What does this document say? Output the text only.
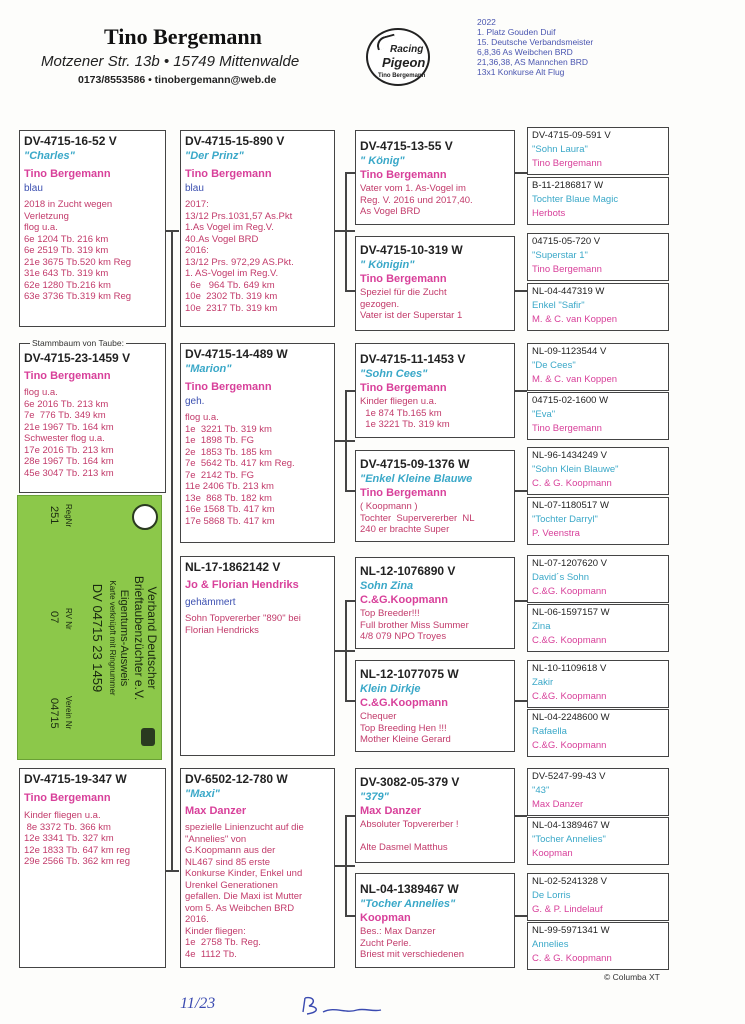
Tino Bergemann
Motzener Str. 13b • 15749 Mittenwalde
0173/8553586 • tinobergemann@web.de
Racing
Pigeon
Tino Bergemann
2022
1. Platz Gouden Duif
15. Deutsche Verbandsmeister
6,8,36 As Weibchen BRD
21,36,38, AS Mannchen BRD
13x1 Konkurse Alt Flug
DV-4715-16-52 V
"Charles"
Tino Bergemann
blau
2018 in Zucht wegen
Verletzung
flog u.a.
6e 1204 Tb. 216 km
6e 2519 Tb. 319 km
21e 3675 Tb.520 km Reg
31e 643 Tb. 319 km
62e 1280 Tb.216 km
63e 3736 Tb.319 km Reg
Stammbaum von Taube:
DV-4715-23-1459 V
Tino Bergemann
flog u.a.
6e 2016 Tb. 213 km
7e  776 Tb. 349 km
21e 1967 Tb. 164 km
Schwester flog u.a.
17e 2016 Tb. 213 km
28e 1967 Tb. 164 km
45e 3047 Tb. 213 km
Verband Deutscher
Brieftaubenzüchter e.V.
Eigentums-Ausweis
Karte verknüpft mit Ringnummer
DV 04715 23 1459
RegNr
251
RV Nr
07
Verein Nr
04715
DV-4715-19-347 W
Tino Bergemann
Kinder fliegen u.a.
8e 3372 Tb. 366 km
12e 3341 Tb. 327 km
12e 1833 Tb. 647 km reg
29e 2566 Tb. 362 km reg
DV-4715-15-890 V
"Der Prinz"
Tino Bergemann
blau
2017:
13/12 Prs.1031,57 As.Pkt
1.As Vogel im Reg.V.
40.As Vogel BRD
2016:
13/12 Prs. 972,29 AS.Pkt.
1. AS-Vogel im Reg.V.
6e   964 Tb. 649 km
10e  2302 Tb. 319 km
10e  2317 Tb. 319 km
DV-4715-14-489 W
"Marion"
Tino Bergemann
geh.
flog u.a.
1e  3221 Tb. 319 km
1e  1898 Tb. FG
2e  1853 Tb. 185 km
7e  5642 Tb. 417 km Reg.
7e  2142 Tb. FG
11e 2406 Tb. 213 km
13e  868 Tb. 182 km
16e 1568 Tb. 417 km
17e 5868 Tb. 417 km
NL-17-1862142 V
Jo & Florian Hendriks
gehämmert
Sohn Topvererber "890" bei
Florian Hendricks
DV-6502-12-780 W
"Maxi"
Max Danzer
spezielle Linienzucht auf die
"Annelies" von
G.Koopmann aus der
NL467 sind 85 erste
Konkurse Kinder, Enkel und
Urenkel Generationen
gefallen. Die Maxi ist Mutter
vom 5. As Weibchen BRD
2016.
Kinder fliegen:
1e  2758 Tb. Reg.
4e  1112 Tb.
DV-4715-13-55 V
" König"
Tino Bergemann
Vater vom 1. As-Vogel im
Reg. V. 2016 und 2017,40.
As Vogel BRD
DV-4715-10-319 W
" Königin"
Tino Bergemann
Speziel für die Zucht
gezogen.
Vater ist der Superstar 1
DV-4715-11-1453 V
"Sohn Cees"
Tino Bergemann
Kinder fliegen u.a.
1e 874 Tb.165 km
1e 3221 Tb. 319 km
DV-4715-09-1376 W
"Enkel Kleine Blauwe
Tino Bergemann
( Koopmann )
Tochter  Supervererber  NL
240 er brachte Super
NL-12-1076890 V
Sohn Zina
C.&G.Koopmann
Top Breeder!!!
Full brother Miss Summer
4/8 079 NPO Troyes
NL-12-1077075 W
Klein Dirkje
C.&G.Koopmann
Chequer
Top Breeding Hen !!!
Mother Kleine Gerard
DV-3082-05-379 V
"379"
Max Danzer
Absoluter Topvererber !

Alte Dasmel Matthus
NL-04-1389467 W
"Tocher Annelies"
Koopman
Bes.: Max Danzer
Zucht Perle.
Briest mit verschiedenen
DV-4715-09-591 V
"Sohn Laura"
Tino Bergemann
B-11-2186817 W
Tochter Blaue Magic
Herbots
04715-05-720 V
"Superstar 1"
Tino Bergemann
NL-04-447319 W
Enkel "Safir"
M. & C. van Koppen
NL-09-1123544 V
"De Cees"
M. & C. van Koppen
04715-02-1600 W
"Eva"
Tino Bergemann
NL-96-1434249 V
"Sohn Klein Blauwe"
C. & G. Koopmann
NL-07-1180517 W
"Tochter Darryl"
P. Veenstra
NL-07-1207620 V
David´s Sohn
C.&G. Koopmann
NL-06-1597157 W
Zina
C.&G. Koopmann
NL-10-1109618 V
Zakir
C.&G. Koopmann
NL-04-2248600 W
Rafaella
C.&G. Koopmann
DV-5247-99-43 V
"43"
Max Danzer
NL-04-1389467 W
"Tocher Annelies"
Koopman
NL-02-5241328 V
De Lorris
G. & P. Lindelauf
NL-99-5971341 W
Annelies
C. & G. Koopmann
© Columba XT
11/23
